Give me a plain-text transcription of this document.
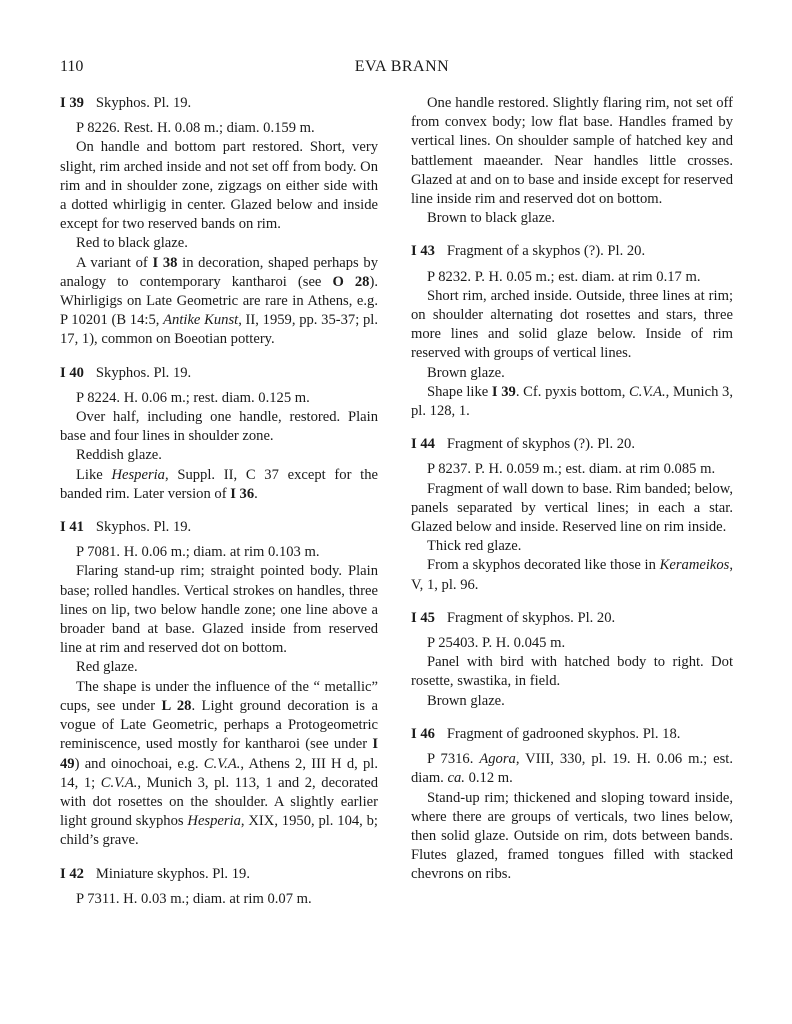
110	EVA BRANN
I 39 Skyphos. Pl. 19.

P 8226. Rest. H. 0.08 m.; diam. 0.159 m.

On handle and bottom part restored. Short, very slight, rim arched inside and not set off from body. On rim and in shoulder zone, zigzags on either side with a dotted whirligig in center. Glazed below and inside except for two reserved bands on rim.

Red to black glaze.

A variant of I 38 in decoration, shaped perhaps by analogy to contemporary kantharoi (see O 28). Whirligigs on Late Geometric are rare in Athens, e.g. P 10201 (B 14:5, Antike Kunst, II, 1959, pp. 35-37; pl. 17, 1), common on Boeotian pottery.

I 40 Skyphos. Pl. 19.

P 8224. H. 0.06 m.; rest. diam. 0.125 m.

Over half, including one handle, restored. Plain base and four lines in shoulder zone.

Reddish glaze.

Like Hesperia, Suppl. II, C 37 except for the banded rim. Later version of I 36.

I 41 Skyphos. Pl. 19.

P 7081. H. 0.06 m.; diam. at rim 0.103 m.

Flaring stand-up rim; straight pointed body. Plain base; rolled handles. Vertical strokes on handles, three lines on lip, two below handle zone; one line above a broader band at base. Glazed inside from reserved line at rim and reserved dot on bottom.

Red glaze.

The shape is under the influence of the “ metallic” cups, see under L 28. Light ground decoration is a vogue of Late Geometric, perhaps a Protogeometric reminiscence, used mostly for kantharoi (see under I 49) and oinochoai, e.g. C.V.A., Athens 2, III H d, pl. 14, 1; C.V.A., Munich 3, pl. 113, 1 and 2, decorated with dot rosettes on the shoulder. A slightly earlier light ground skyphos Hesperia, XIX, 1950, pl. 104, b; child’s grave.

I 42 Miniature skyphos. Pl. 19.

P 7311. H. 0.03 m.; diam. at rim 0.07 m.

One handle restored. Slightly flaring rim, not set off from convex body; low flat base. Handles framed by vertical lines. On shoulder sample of hatched key and battlement maeander. Near handles little crosses. Glazed at and on to base and inside except for reserved line inside rim and reserved dot on bottom.

Brown to black glaze.

I 43 Fragment of a skyphos (?). Pl. 20.

P 8232. P. H. 0.05 m.; est. diam. at rim 0.17 m.

Short rim, arched inside. Outside, three lines at rim; on shoulder alternating dot rosettes and stars, three more lines and solid glaze below. Inside of rim reserved with groups of vertical lines.

Brown glaze.

Shape like I 39. Cf. pyxis bottom, C.V.A., Munich 3, pl. 128, 1.

I 44 Fragment of skyphos (?). Pl. 20.

P 8237. P. H. 0.059 m.; est. diam. at rim 0.085 m.

Fragment of wall down to base. Rim banded; below, panels separated by vertical lines; in each a star. Glazed below and inside. Reserved line on rim inside.

Thick red glaze.

From a skyphos decorated like those in Kerameikos, V, 1, pl. 96.

I 45 Fragment of skyphos. Pl. 20.

P 25403. P. H. 0.045 m.

Panel with bird with hatched body to right. Dot rosette, swastika, in field.

Brown glaze.

I 46 Fragment of gadrooned skyphos. Pl. 18.

P 7316. Agora, VIII, 330, pl. 19. H. 0.06 m.; est. diam. ca. 0.12 m.

Stand-up rim; thickened and sloping toward inside, where there are groups of verticals, two lines below, then solid glaze. Outside on rim, dots between bands. Flutes glazed, framed tongues filled with stacked chevrons on ribs.
